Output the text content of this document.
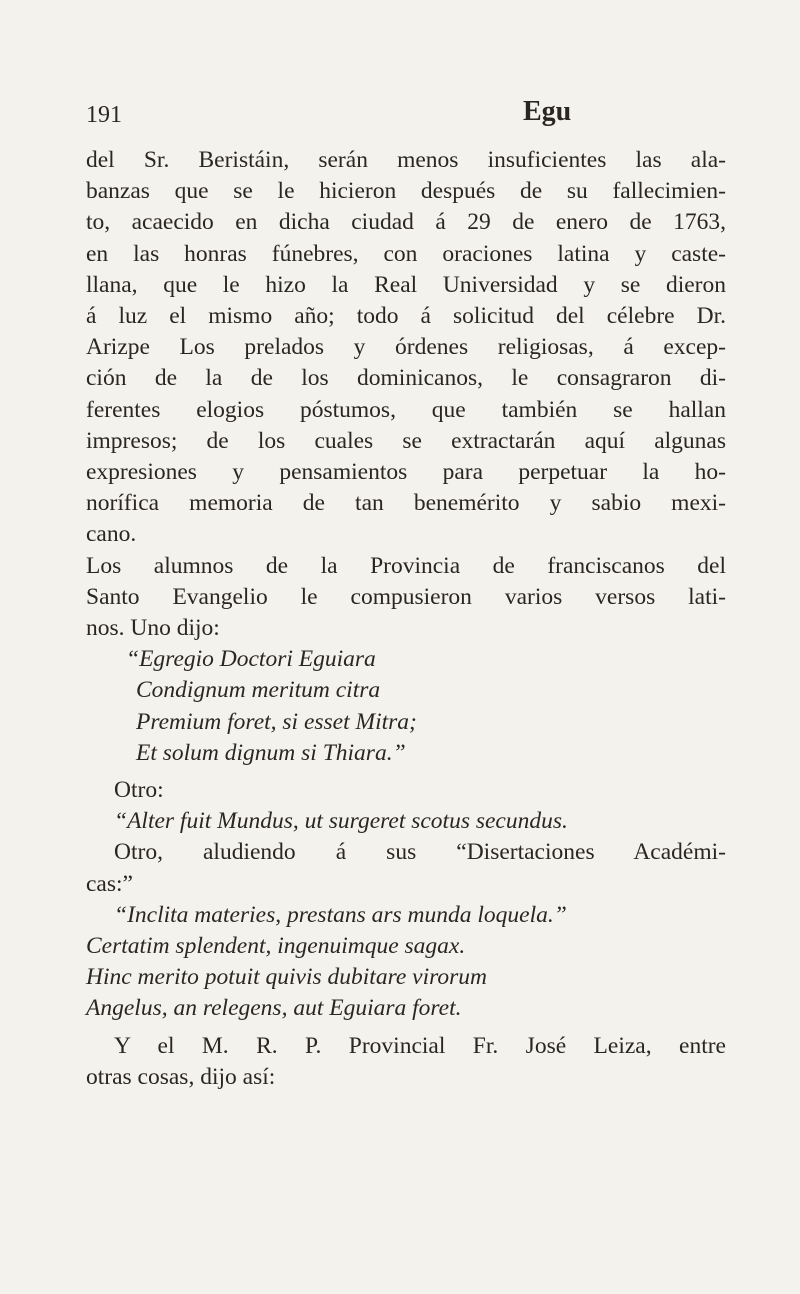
191	Egu
del Sr. Beristáin, serán menos insuficientes las ala-
banzas que se le hicieron después de su fallecimien-
to, acaecido en dicha ciudad á 29 de enero de 1763,
en las honras fúnebres, con oraciones latina y caste-
llana, que le hizo la Real Universidad y se dieron
á luz el mismo año; todo á solicitud del célebre Dr.
Arizpe Los prelados y órdenes religiosas, á excep-
ción de la de los dominicanos, le consagraron di-
ferentes elogios póstumos, que también se hallan
impresos; de los cuales se extractarán aquí algunas
expresiones y pensamientos para perpetuar la ho-
norífica memoria de tan benemérito y sabio mexi-
cano.
Los alumnos de la Provincia de franciscanos del
Santo Evangelio le compusieron varios versos lati-
nos. Uno dijo:
“Egregio Doctori Eguiara
Condignum meritum citra
Premium foret, si esset Mitra;
Et solum dignum si Thiara.”
Otro:
“Alter fuit Mundus, ut surgeret scotus secundus.
Otro, aludiendo á sus “Disertaciones Académi-
cas:”
“Inclita materies, prestans ars munda loquela.”
Certatim splendent, ingenuimque sagax.
Hinc merito potuit quivis dubitare virorum
Angelus, an relegens, aut Eguiara foret.
Y el M. R. P. Provincial Fr. José Leiza, entre
otras cosas, dijo así:
